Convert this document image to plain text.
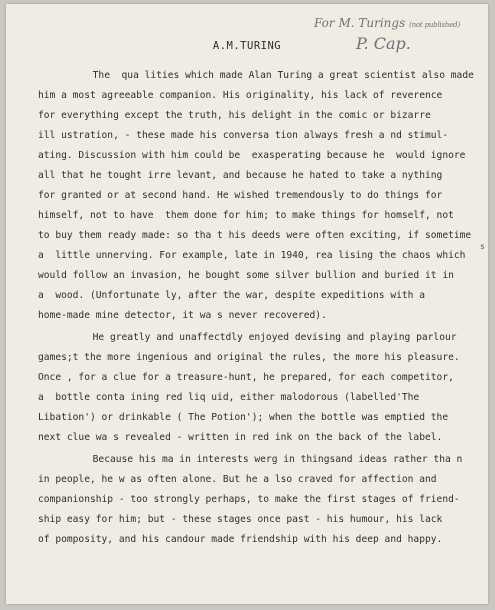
For M. Turings (not published)
P. Cap.
A.M.TURING
The  qua lities which made Alan Turing a great scientist also made
him a most agreeable companion. His originality, his lack of reverence
for everything except the truth, his delight in the comic or bizarre
ill ustration, - these made his conversa tion always fresh a nd stimul-
ating. Discussion with him could be  exasperating because he  would ignore
all that he tought irre levant, and because he hated to take a nything
for granted or at second hand. He wished tremendously to do things for
himself, not to have  them done for him; to make things for homself, not
to buy them ready made: so tha t his deeds were often exciting, if sometime
a  little unnerving. For example, late in 1940, rea lising the chaos which
would follow an invasion, he bought some silver bullion and buried it in
a  wood. (Unfortunate ly, after the war, despite expeditions with a
home-made mine detector, it wa s never recovered).
He greatly and unaffectdly enjoyed devising and playing parlour
games;t the more ingenious and original the rules, the more his pleasure.
Once , for a clue for a treasure-hunt, he prepared, for each competitor,
a  bottle conta ining red liq uid, either malodorous (labelled'The
Libation') or drinkable ( The Potion'); when the bottle was emptied the
next clue wa s revealed - written in red ink on the back of the label.
Because his ma in interests werg in thingsand ideas rather tha n
in people, he w as often alone. But he a lso craved for affection and
companionship - too strongly perhaps, to make the first stages of friend-
ship easy for him; but - these stages once past - his humour, his lack
of pomposity, and his candour made friendship with his deep and happy.
s
